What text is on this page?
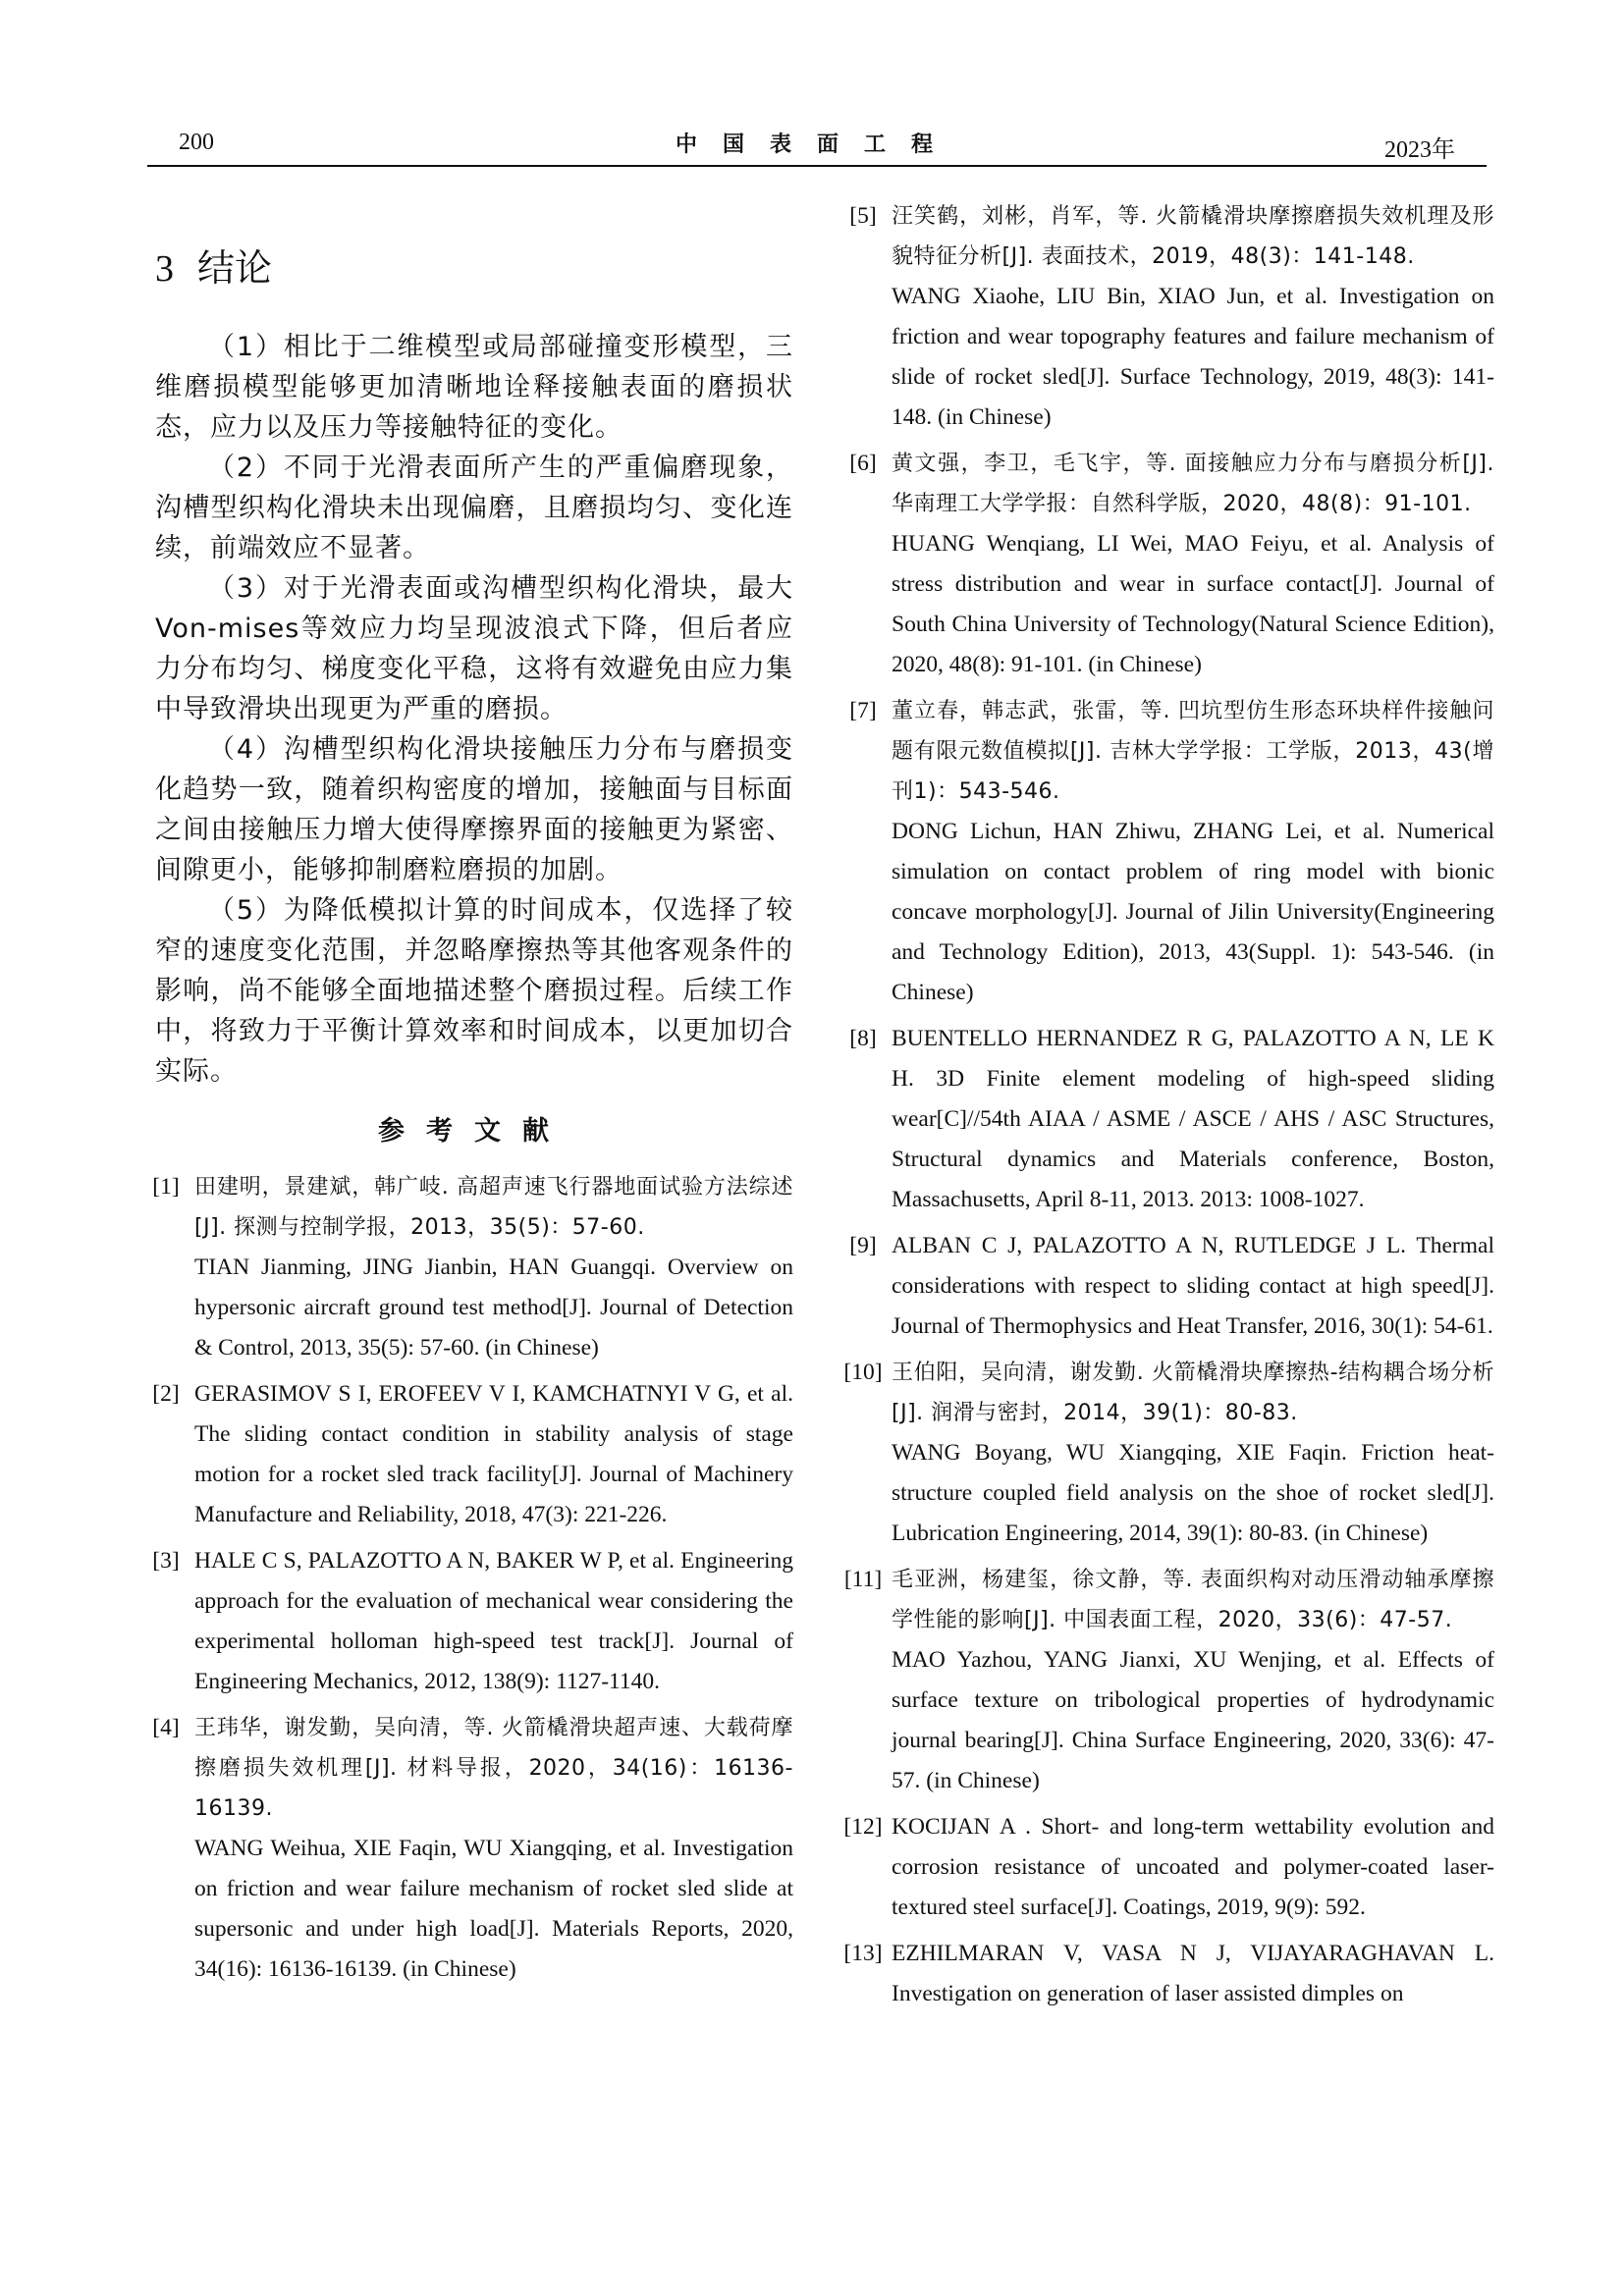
200	中国表面工程	2023年
3 结论

（1）相比于二维模型或局部碰撞变形模型，三维磨损模型能够更加清晰地诠释接触表面的磨损状态，应力以及压力等接触特征的变化。

（2）不同于光滑表面所产生的严重偏磨现象，沟槽型织构化滑块未出现偏磨，且磨损均匀、变化连续，前端效应不显著。

（3）对于光滑表面或沟槽型织构化滑块，最大Von-mises等效应力均呈现波浪式下降，但后者应力分布均匀、梯度变化平稳，这将有效避免由应力集中导致滑块出现更为严重的磨损。

（4）沟槽型织构化滑块接触压力分布与磨损变化趋势一致，随着织构密度的增加，接触面与目标面之间由接触压力增大使得摩擦界面的接触更为紧密、间隙更小，能够抑制磨粒磨损的加剧。

（5）为降低模拟计算的时间成本，仅选择了较窄的速度变化范围，并忽略摩擦热等其他客观条件的影响，尚不能够全面地描述整个磨损过程。后续工作中，将致力于平衡计算效率和时间成本，以更加切合实际。

参考文献
[1] 田建明，景建斌，韩广岐. 高超声速飞行器地面试验方法综述[J]. 探测与控制学报，2013，35(5)：57-60.
TIAN Jianming, JING Jianbin, HAN Guangqi. Overview on hypersonic aircraft ground test method[J]. Journal of Detection & Control, 2013, 35(5): 57-60. (in Chinese)
[2] GERASIMOV S I, EROFEEV V I, KAMCHATNYI V G, et al. The sliding contact condition in stability analysis of stage motion for a rocket sled track facility[J]. Journal of Machinery Manufacture and Reliability, 2018, 47(3): 221-226.
[3] HALE C S, PALAZOTTO A N, BAKER W P, et al. Engineering approach for the evaluation of mechanical wear considering the experimental holloman high-speed test track[J]. Journal of Engineering Mechanics, 2012, 138(9): 1127-1140.
[4] 王玮华，谢发勤，吴向清，等. 火箭橇滑块超声速、大载荷摩擦磨损失效机理[J]. 材料导报，2020，34(16)：16136-16139.
WANG Weihua, XIE Faqin, WU Xiangqing, et al. Investigation on friction and wear failure mechanism of rocket sled slide at supersonic and under high load[J]. Materials Reports, 2020, 34(16): 16136-16139. (in Chinese)
[5] 汪笑鹤，刘彬，肖军，等. 火箭橇滑块摩擦磨损失效机理及形貌特征分析[J]. 表面技术，2019，48(3)：141-148.
WANG Xiaohe, LIU Bin, XIAO Jun, et al. Investigation on friction and wear topography features and failure mechanism of slide of rocket sled[J]. Surface Technology, 2019, 48(3): 141-148. (in Chinese)
[6] 黄文强，李卫，毛飞宇，等. 面接触应力分布与磨损分析[J]. 华南理工大学学报：自然科学版，2020，48(8)：91-101.
HUANG Wenqiang, LI Wei, MAO Feiyu, et al. Analysis of stress distribution and wear in surface contact[J]. Journal of South China University of Technology(Natural Science Edition), 2020, 48(8): 91-101. (in Chinese)
[7] 董立春，韩志武，张雷，等. 凹坑型仿生形态环块样件接触问题有限元数值模拟[J]. 吉林大学学报：工学版，2013，43(增刊1)：543-546.
DONG Lichun, HAN Zhiwu, ZHANG Lei, et al. Numerical simulation on contact problem of ring model with bionic concave morphology[J]. Journal of Jilin University(Engineering and Technology Edition), 2013, 43(Suppl. 1): 543-546. (in Chinese)
[8] BUENTELLO HERNANDEZ R G, PALAZOTTO A N, LE K H. 3D Finite element modeling of high-speed sliding wear[C]//54th AIAA / ASME / ASCE / AHS / ASC Structures, Structural dynamics and Materials conference, Boston, Massachusetts, April 8-11, 2013. 2013: 1008-1027.
[9] ALBAN C J, PALAZOTTO A N, RUTLEDGE J L. Thermal considerations with respect to sliding contact at high speed[J]. Journal of Thermophysics and Heat Transfer, 2016, 30(1): 54-61.
[10] 王伯阳，吴向清，谢发勤. 火箭橇滑块摩擦热-结构耦合场分析[J]. 润滑与密封，2014，39(1)：80-83.
WANG Boyang, WU Xiangqing, XIE Faqin. Friction heat-structure coupled field analysis on the shoe of rocket sled[J]. Lubrication Engineering, 2014, 39(1): 80-83. (in Chinese)
[11] 毛亚洲，杨建玺，徐文静，等. 表面织构对动压滑动轴承摩擦学性能的影响[J]. 中国表面工程，2020，33(6)：47-57.
MAO Yazhou, YANG Jianxi, XU Wenjing, et al. Effects of surface texture on tribological properties of hydrodynamic journal bearing[J]. China Surface Engineering, 2020, 33(6): 47-57. (in Chinese)
[12] KOCIJAN A . Short- and long-term wettability evolution and corrosion resistance of uncoated and polymer-coated laser-textured steel surface[J]. Coatings, 2019, 9(9): 592.
[13] EZHILMARAN V, VASA N J, VIJAYARAGHAVAN L. Investigation on generation of laser assisted dimples on
